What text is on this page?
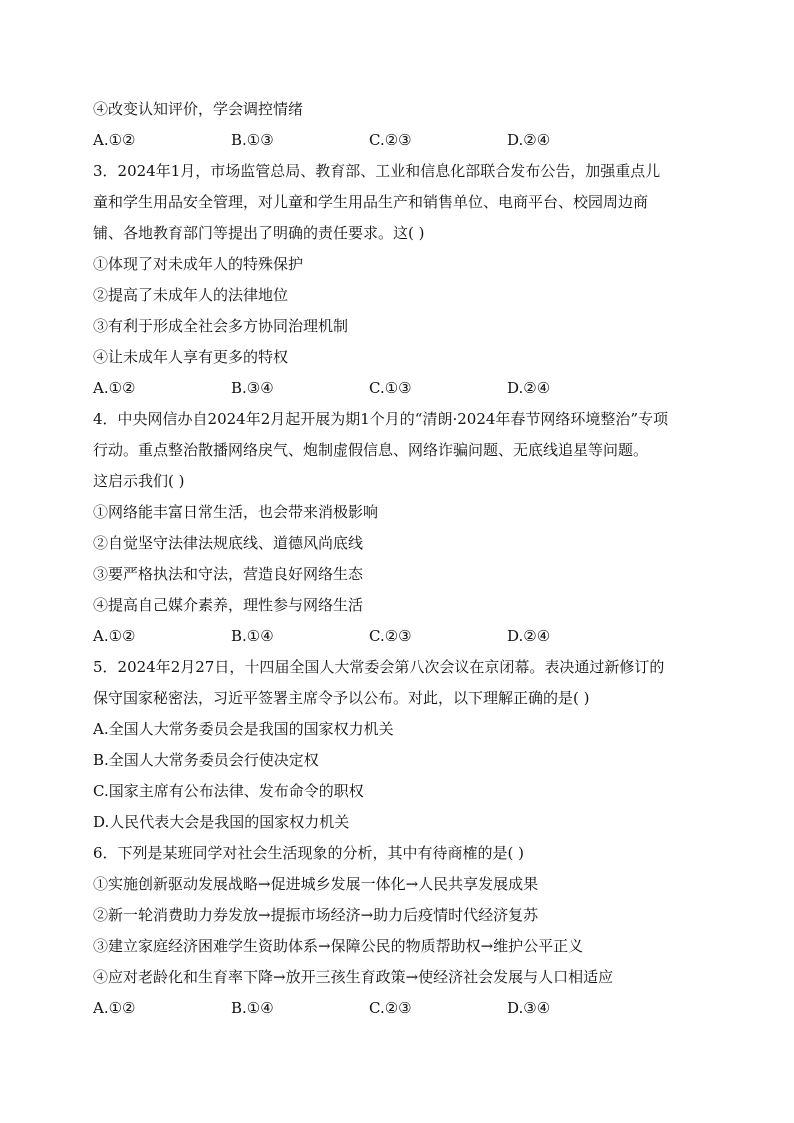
④改变认知评价，学会调控情绪
A.①②	B.①③	C.②③	D.②④
3．2024年1月，市场监管总局、教育部、工业和信息化部联合发布公告，加强重点儿
童和学生用品安全管理，对儿童和学生用品生产和销售单位、电商平台、校园周边商
铺、各地教育部门等提出了明确的责任要求。这( )
①体现了对未成年人的特殊保护
②提高了未成年人的法律地位
③有利于形成全社会多方协同治理机制
④让未成年人享有更多的特权
A.①②	B.③④	C.①③	D.②④
4．中央网信办自2024年2月起开展为期1个月的“清朗·2024年春节网络环境整治”专项
行动。重点整治散播网络戾气、炮制虚假信息、网络诈骗问题、无底线追星等问题。
这启示我们( )
①网络能丰富日常生活，也会带来消极影响
②自觉坚守法律法规底线、道德风尚底线
③要严格执法和守法，营造良好网络生态
④提高自己媒介素养，理性参与网络生活
A.①②	B.①④	C.②③	D.②④
5．2024年2月27日，十四届全国人大常委会第八次会议在京闭幕。表决通过新修订的
保守国家秘密法，习近平签署主席令予以公布。对此，以下理解正确的是( )
A.全国人大常务委员会是我国的国家权力机关
B.全国人大常务委员会行使决定权
C.国家主席有公布法律、发布命令的职权
D.人民代表大会是我国的国家权力机关
6．下列是某班同学对社会生活现象的分析，其中有待商榷的是( )
①实施创新驱动发展战略→促进城乡发展一体化→人民共享发展成果
②新一轮消费助力券发放→提振市场经济→助力后疫情时代经济复苏
③建立家庭经济困难学生资助体系→保障公民的物质帮助权→维护公平正义
④应对老龄化和生育率下降→放开三孩生育政策→使经济社会发展与人口相适应
A.①②	B.①④	C.②③	D.③④
